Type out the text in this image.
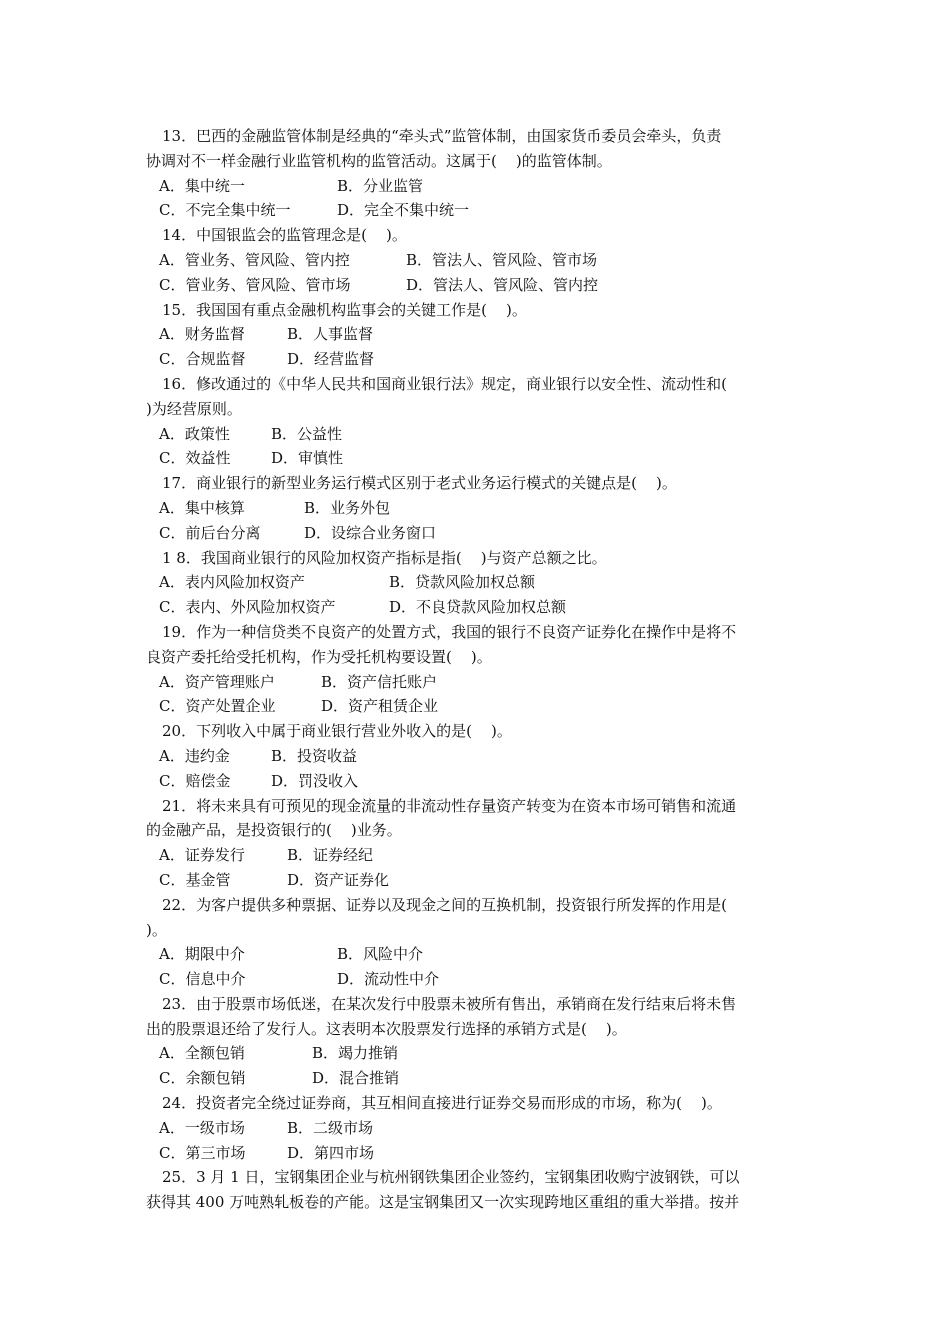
13．巴西的金融监管体制是经典的“牵头式”监管体制，由国家货币委员会牵头，负责
协调对不一样金融行业监管机构的监管活动。这属于(    )的监管体制。
A．集中统一	B．分业监管
C．不完全集中统一	D．完全不集中统一
14．中国银监会的监管理念是(    )。
A．管业务、管风险、管内控	B．管法人、管风险、管市场
C．管业务、管风险、管市场	D．管法人、管风险、管内控
15．我国国有重点金融机构监事会的关键工作是(    )。
A．财务监督	B．人事监督
C．合规监督	D．经营监督
16．修改通过的《中华人民共和国商业银行法》规定，商业银行以安全性、流动性和(
)为经营原则。
A．政策性	B．公益性
C．效益性	D．审慎性
17．商业银行的新型业务运行模式区别于老式业务运行模式的关键点是(    )。
A．集中核算	B．业务外包
C．前后台分离	D．设综合业务窗口
1 8．我国商业银行的风险加权资产指标是指(    )与资产总额之比。
A．表内风险加权资产	B．贷款风险加权总额
C．表内、外风险加权资产	D．不良贷款风险加权总额
19．作为一种信贷类不良资产的处置方式，我国的银行不良资产证券化在操作中是将不
良资产委托给受托机构，作为受托机构要设置(    )。
A．资产管理账户	B．资产信托账户
C．资产处置企业	D．资产租赁企业
20．下列收入中属于商业银行营业外收入的是(    )。
A．违约金	B．投资收益
C．赔偿金	D．罚没收入
21．将未来具有可预见的现金流量的非流动性存量资产转变为在资本市场可销售和流通
的金融产品，是投资银行的(    )业务。
A．证券发行	B．证券经纪
C．基金管	D．资产证券化
22．为客户提供多种票据、证券以及现金之间的互换机制，投资银行所发挥的作用是(
)。
A．期限中介	B．风险中介
C．信息中介	D．流动性中介
23．由于股票市场低迷，在某次发行中股票未被所有售出，承销商在发行结束后将未售
出的股票退还给了发行人。这表明本次股票发行选择的承销方式是(    )。
A．全额包销	B．竭力推销
C．余额包销	D．混合推销
24．投资者完全绕过证券商，其互相间直接进行证券交易而形成的市场，称为(    )。
A．一级市场	B．二级市场
C．第三市场	D．第四市场
25．3 月 1 日，宝钢集团企业与杭州钢铁集团企业签约，宝钢集团收购宁波钢铁，可以
获得其 400 万吨熟轧板卷的产能。这是宝钢集团又一次实现跨地区重组的重大举措。按并
